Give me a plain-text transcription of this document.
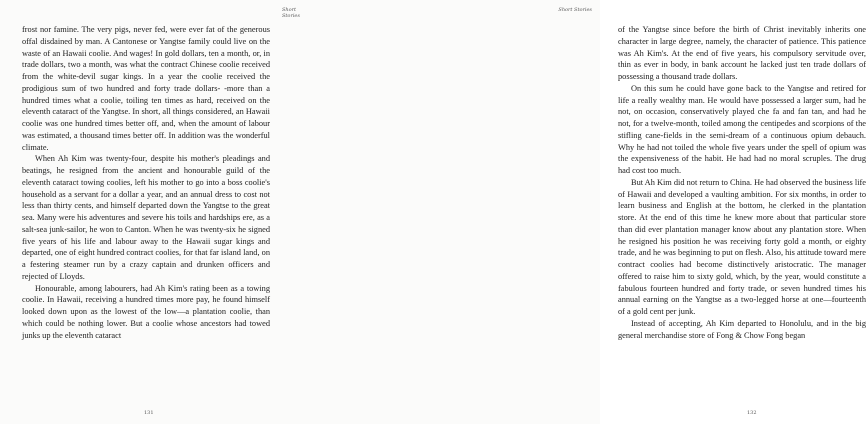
Short Stories

frost nor famine. The very pigs, never fed, were ever fat of the generous offal disdained by man. A Cantonese or Yangtse family could live on the waste of an Hawaii coolie. And wages! In gold dollars, ten a month, or, in trade dollars, two a month, was what the contract Chinese coolie received from the white-devil sugar kings. In a year the coolie received the prodigious sum of two hundred and forty trade dollars- -more than a hundred times what a coolie, toiling ten times as hard, received on the eleventh cataract of the Yangtse. In short, all things considered, an Hawaii coolie was one hundred times better off, and, when the amount of labour was estimated, a thousand times better off. In addition was the wonderful climate.

When Ah Kim was twenty-four, despite his mother's pleadings and beatings, he resigned from the ancient and honourable guild of the eleventh cataract towing coolies, left his mother to go into a boss coolie's household as a servant for a dollar a year, and an annual dress to cost not less than thirty cents, and himself departed down the Yangtse to the great sea. Many were his adventures and severe his toils and hardships ere, as a salt-sea junk-sailor, he won to Canton. When he was twenty-six he signed five years of his life and labour away to the Hawaii sugar kings and departed, one of eight hundred contract coolies, for that far island land, on a festering steamer run by a crazy captain and drunken officers and rejected of Lloyds.

Honourable, among labourers, had Ah Kim's rating been as a towing coolie. In Hawaii, receiving a hundred times more pay, he found himself looked down upon as the lowest of the low—a plantation coolie, than which could be nothing lower. But a coolie whose ancestors had towed junks up the eleventh cataract

131
Short Stories

of the Yangtse since before the birth of Christ inevitably inherits one character in large degree, namely, the character of patience. This patience was Ah Kim's. At the end of five years, his compulsory servitude over, thin as ever in body, in bank account he lacked just ten trade dollars of possessing a thousand trade dollars.

On this sum he could have gone back to the Yangtse and retired for life a really wealthy man. He would have possessed a larger sum, had he not, on occasion, conservatively played che fa and fan tan, and had he not, for a twelve-month, toiled among the centipedes and scorpions of the stifling cane-fields in the semi-dream of a continuous opium debauch. Why he had not toiled the whole five years under the spell of opium was the expensiveness of the habit. He had had no moral scruples. The drug had cost too much.

But Ah Kim did not return to China. He had observed the business life of Hawaii and developed a vaulting ambition. For six months, in order to learn business and English at the bottom, he clerked in the plantation store. At the end of this time he knew more about that particular store than did ever plantation manager know about any plantation store. When he resigned his position he was receiving forty gold a month, or eighty trade, and he was beginning to put on flesh. Also, his attitude toward mere contract coolies had become distinctively aristocratic. The manager offered to raise him to sixty gold, which, by the year, would constitute a fabulous fourteen hundred and forty trade, or seven hundred times his annual earning on the Yangtse as a two-legged horse at one—fourteenth of a gold cent per junk.

Instead of accepting, Ah Kim departed to Honolulu, and in the big general merchandise store of Fong & Chow Fong began

132
